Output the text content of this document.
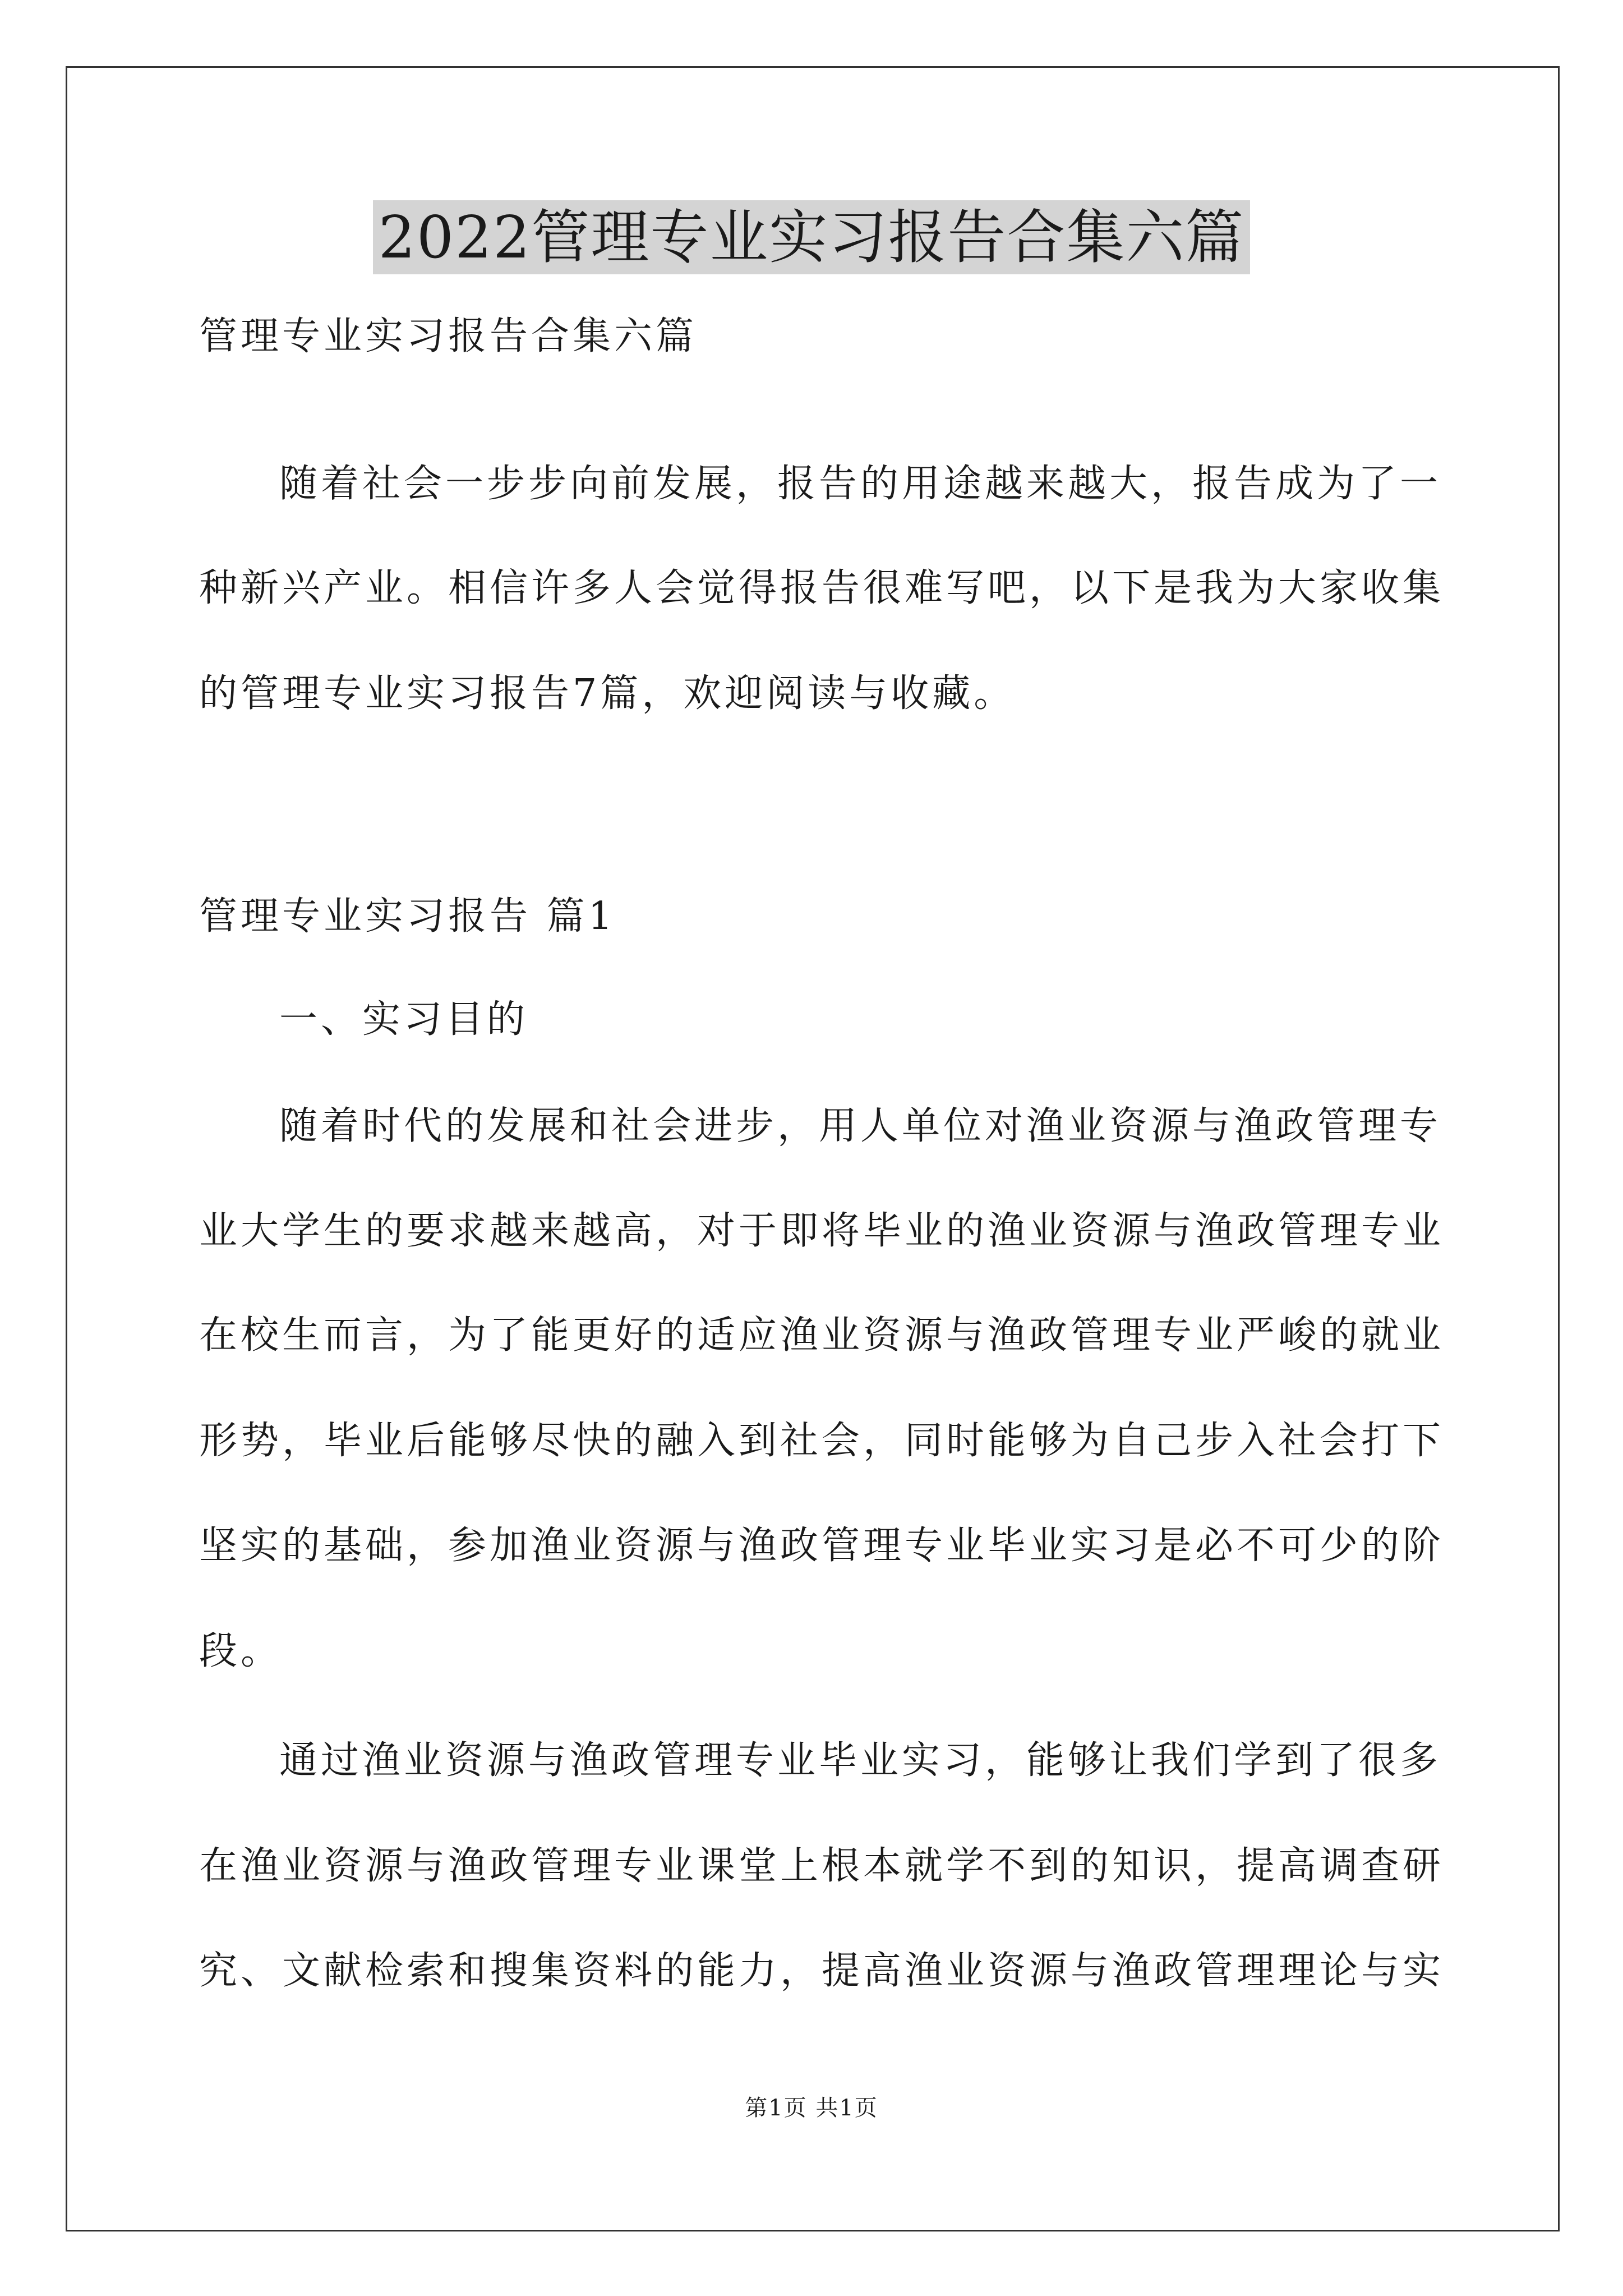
2022管理专业实习报告合集六篇
管理专业实习报告合集六篇
随着社会一步步向前发展，报告的用途越来越大，报告成为了一
种新兴产业。相信许多人会觉得报告很难写吧，以下是我为大家收集
的管理专业实习报告7篇，欢迎阅读与收藏。
管理专业实习报告 篇1
一、实习目的
随着时代的发展和社会进步，用人单位对渔业资源与渔政管理专
业大学生的要求越来越高，对于即将毕业的渔业资源与渔政管理专业
在校生而言，为了能更好的适应渔业资源与渔政管理专业严峻的就业
形势，毕业后能够尽快的融入到社会，同时能够为自己步入社会打下
坚实的基础，参加渔业资源与渔政管理专业毕业实习是必不可少的阶
段。
通过渔业资源与渔政管理专业毕业实习，能够让我们学到了很多
在渔业资源与渔政管理专业课堂上根本就学不到的知识，提高调查研
究、文献检索和搜集资料的能力，提高渔业资源与渔政管理理论与实
第1页 共1页
